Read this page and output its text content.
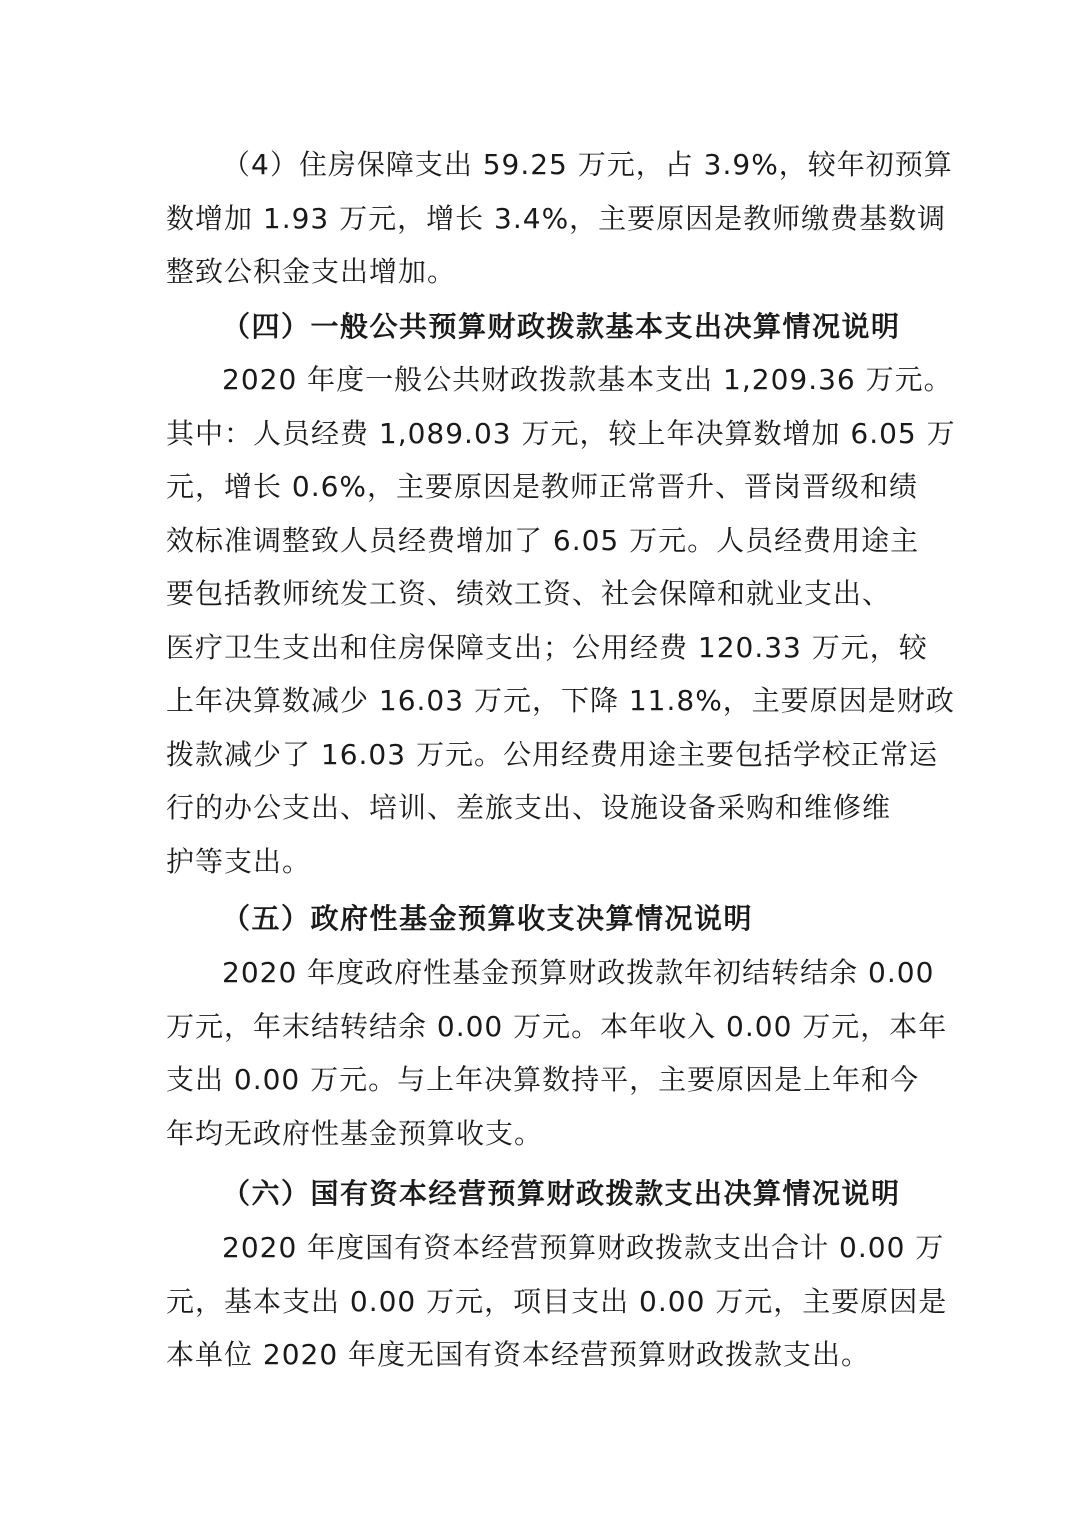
（4）住房保障支出 59.25 万元，占 3.9%，较年初预算
数增加 1.93 万元，增长 3.4%，主要原因是教师缴费基数调
整致公积金支出增加。
（四）一般公共预算财政拨款基本支出决算情况说明
2020 年度一般公共财政拨款基本支出 1,209.36 万元。
其中：人员经费 1,089.03 万元，较上年决算数增加 6.05 万
元，增长 0.6%，主要原因是教师正常晋升、晋岗晋级和绩
效标准调整致人员经费增加了 6.05 万元。人员经费用途主
要包括教师统发工资、绩效工资、社会保障和就业支出、
医疗卫生支出和住房保障支出；公用经费 120.33 万元，较
上年决算数减少 16.03 万元，下降 11.8%，主要原因是财政
拨款减少了 16.03 万元。公用经费用途主要包括学校正常运
行的办公支出、培训、差旅支出、设施设备采购和维修维
护等支出。
（五）政府性基金预算收支决算情况说明
2020 年度政府性基金预算财政拨款年初结转结余 0.00
万元，年末结转结余 0.00 万元。本年收入 0.00 万元，本年
支出 0.00 万元。与上年决算数持平，主要原因是上年和今
年均无政府性基金预算收支。
（六）国有资本经营预算财政拨款支出决算情况说明
2020 年度国有资本经营预算财政拨款支出合计 0.00 万
元，基本支出 0.00 万元，项目支出 0.00 万元，主要原因是
本单位 2020 年度无国有资本经营预算财政拨款支出。
